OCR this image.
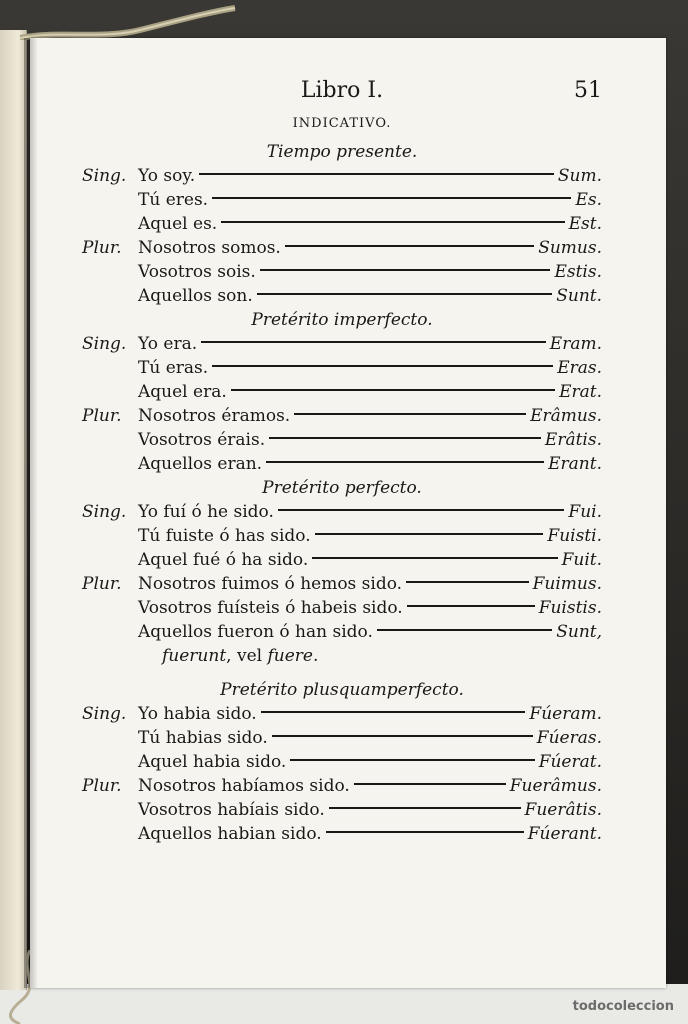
Libro I.	51
INDICATIVO.
Tiempo presente.
Sing. Yo soy.	Sum.
Tú eres.	Es.
Aquel es.	Est.
Plur. Nosotros somos.	Sumus.
Vosotros sois.	Estis.
Aquellos son.	Sunt.
Pretérito imperfecto.
Sing. Yo era.	Eram.
Tú eras.	Eras.
Aquel era.	Erat.
Plur. Nosotros éramos.	Erâmus.
Vosotros érais.	Erâtis.
Aquellos eran.	Erant.
Pretérito perfecto.
Sing. Yo fuí ó he sido.	Fui.
Tú fuiste ó has sido.	Fuisti.
Aquel fué ó ha sido.	Fuit.
Plur. Nosotros fuimos ó hemos sido.	Fuimus.
Vosotros fuísteis ó habeis sido.	Fuistis.
Aquellos fueron ó han sido.	Sunt,
fuerunt, vel fuere.
Pretérito plusquamperfecto.
Sing. Yo habia sido.	Fúeram.
Tú habias sido.	Fúeras.
Aquel habia sido.	Fúerat.
Plur. Nosotros habíamos sido.	Fuerâmus.
Vosotros habíais sido.	Fuerâtis.
Aquellos habian sido.	Fúerant.
todocoleccion
